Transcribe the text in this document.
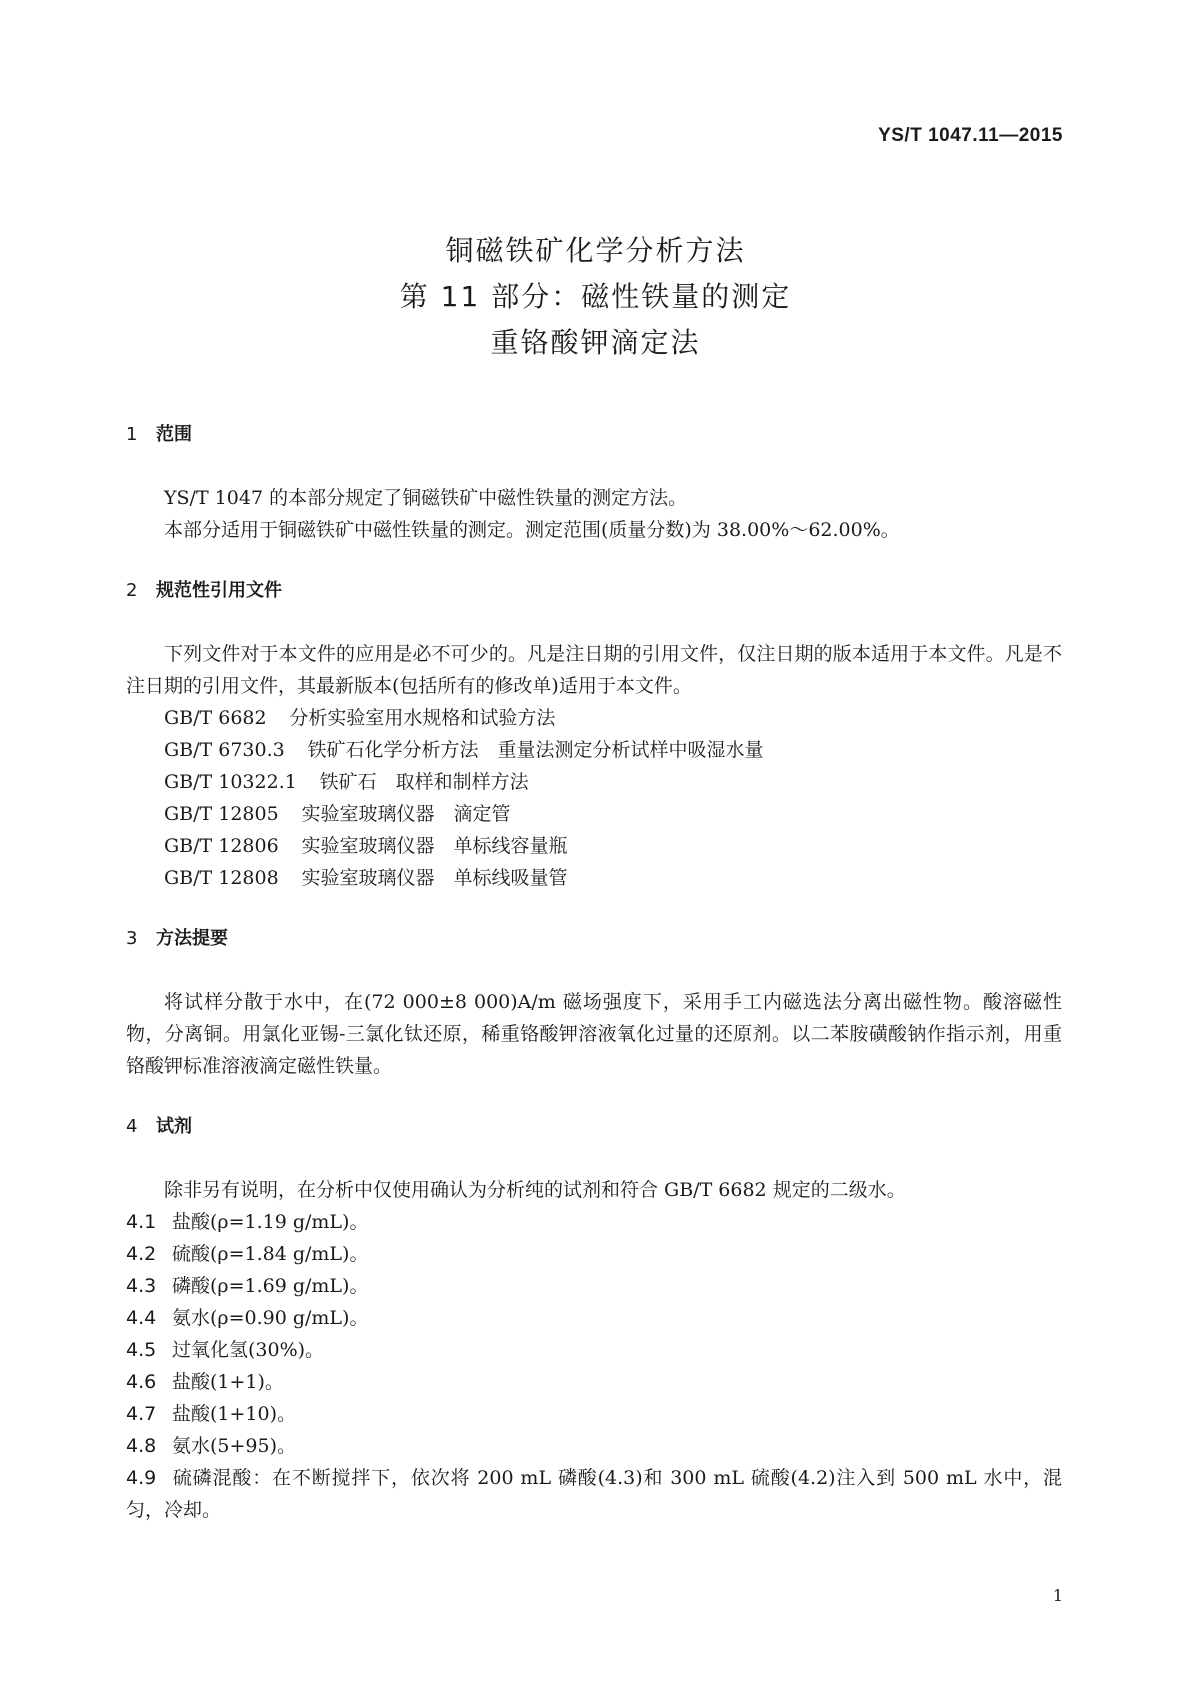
YS/T 1047.11—2015
铜磁铁矿化学分析方法
第 11 部分：磁性铁量的测定
重铬酸钾滴定法
1 范围
YS/T 1047 的本部分规定了铜磁铁矿中磁性铁量的测定方法。
本部分适用于铜磁铁矿中磁性铁量的测定。测定范围(质量分数)为 38.00%～62.00%。
2 规范性引用文件
下列文件对于本文件的应用是必不可少的。凡是注日期的引用文件，仅注日期的版本适用于本文件。凡是不注日期的引用文件，其最新版本(包括所有的修改单)适用于本文件。
GB/T 6682 分析实验室用水规格和试验方法
GB/T 6730.3 铁矿石化学分析方法　重量法测定分析试样中吸湿水量
GB/T 10322.1 铁矿石　取样和制样方法
GB/T 12805 实验室玻璃仪器　滴定管
GB/T 12806 实验室玻璃仪器　单标线容量瓶
GB/T 12808 实验室玻璃仪器　单标线吸量管
3 方法提要
将试样分散于水中，在(72 000±8 000)A/m 磁场强度下，采用手工内磁选法分离出磁性物。酸溶磁性物，分离铜。用氯化亚锡-三氯化钛还原，稀重铬酸钾溶液氧化过量的还原剂。以二苯胺磺酸钠作指示剂，用重铬酸钾标准溶液滴定磁性铁量。
4 试剂
除非另有说明，在分析中仅使用确认为分析纯的试剂和符合 GB/T 6682 规定的二级水。
4.1 盐酸(ρ=1.19 g/mL)。
4.2 硫酸(ρ=1.84 g/mL)。
4.3 磷酸(ρ=1.69 g/mL)。
4.4 氨水(ρ=0.90 g/mL)。
4.5 过氧化氢(30%)。
4.6 盐酸(1+1)。
4.7 盐酸(1+10)。
4.8 氨水(5+95)。
4.9 硫磷混酸：在不断搅拌下，依次将 200 mL 磷酸(4.3)和 300 mL 硫酸(4.2)注入到 500 mL 水中，混匀，冷却。
1
